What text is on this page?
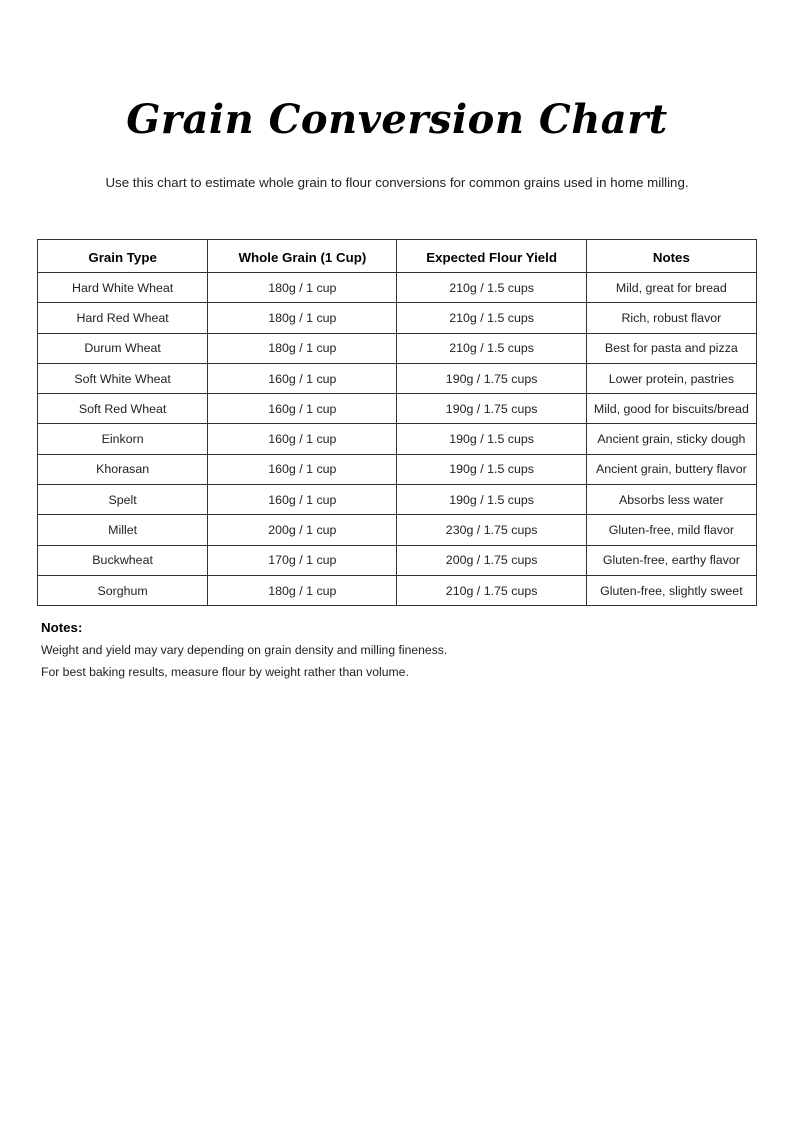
Grain Conversion Chart

Use this chart to estimate whole grain to flour conversions for common grains used in home milling.

Grain Type	Whole Grain (1 Cup)	Expected Flour Yield	Notes
Hard White Wheat	180g / 1 cup	210g / 1.5 cups	Mild, great for bread
Hard Red Wheat	180g / 1 cup	210g / 1.5 cups	Rich, robust flavor
Durum Wheat	180g / 1 cup	210g / 1.5 cups	Best for pasta and pizza
Soft White Wheat	160g / 1 cup	190g / 1.75 cups	Lower protein, pastries
Soft Red Wheat	160g / 1 cup	190g / 1.75 cups	Mild, good for biscuits/bread
Einkorn	160g / 1 cup	190g / 1.5 cups	Ancient grain, sticky dough
Khorasan	160g / 1 cup	190g / 1.5 cups	Ancient grain, buttery flavor
Spelt	160g / 1 cup	190g / 1.5 cups	Absorbs less water
Millet	200g / 1 cup	230g / 1.75 cups	Gluten-free, mild flavor
Buckwheat	170g / 1 cup	200g / 1.75 cups	Gluten-free, earthy flavor
Sorghum	180g / 1 cup	210g / 1.75 cups	Gluten-free, slightly sweet

Notes:

Weight and yield may vary depending on grain density and milling fineness.

For best baking results, measure flour by weight rather than volume.
